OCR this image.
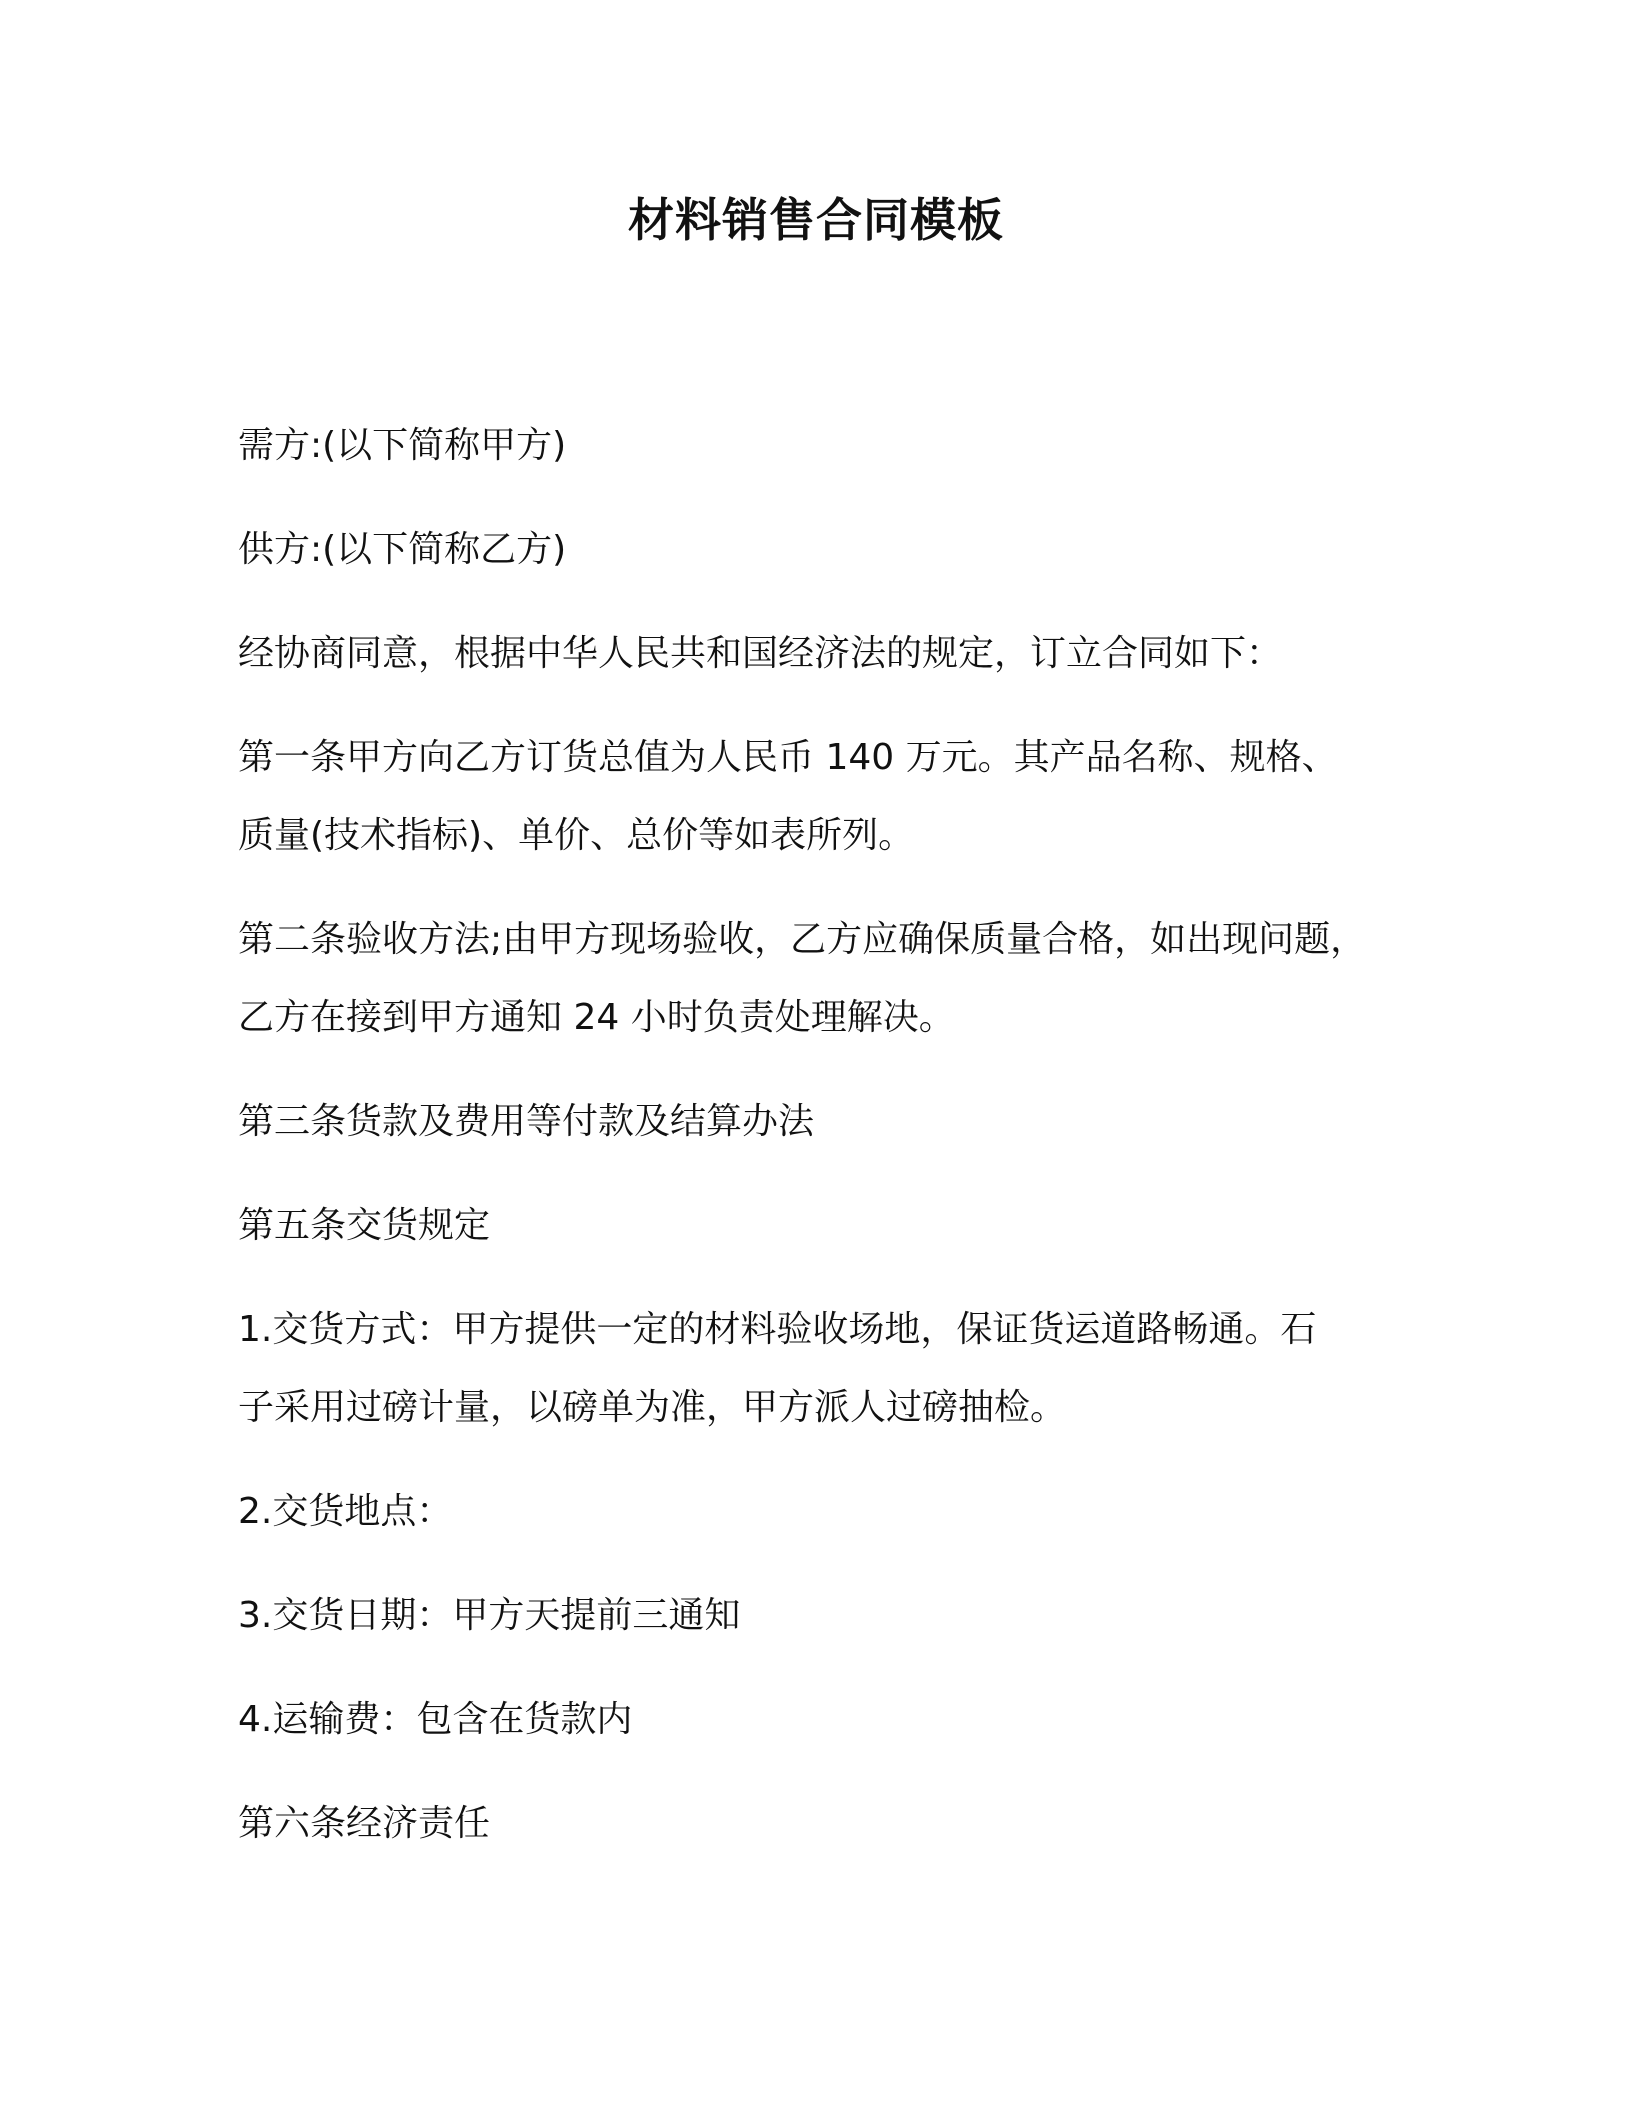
材料销售合同模板

需方:(以下简称甲方)

供方:(以下简称乙方)

经协商同意，根据中华人民共和国经济法的规定，订立合同如下：

第一条甲方向乙方订货总值为人民币 140 万元。其产品名称、规格、

质量(技术指标)、单价、总价等如表所列。

第二条验收方法;由甲方现场验收，乙方应确保质量合格，如出现问题，

乙方在接到甲方通知 24 小时负责处理解决。

第三条货款及费用等付款及结算办法

第五条交货规定

1.交货方式：甲方提供一定的材料验收场地，保证货运道路畅通。石

子采用过磅计量，以磅单为准，甲方派人过磅抽检。

2.交货地点：

3.交货日期：甲方天提前三通知

4.运输费：包含在货款内

第六条经济责任
